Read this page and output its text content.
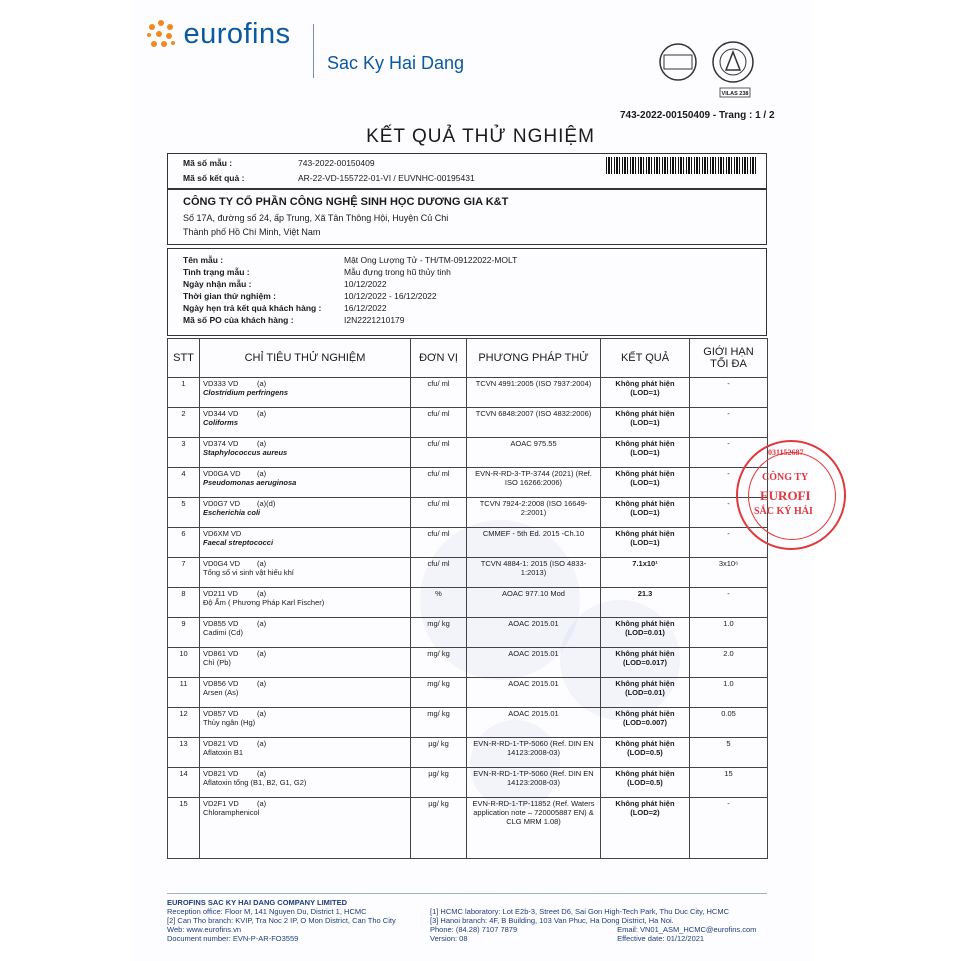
eurofins
Sac Ky Hai Dang
VILAS 238
743-2022-00150409 - Trang : 1 / 2
KẾT QUẢ THỬ NGHIỆM
Mã số mẫu :	743-2022-00150409
Mã số kết quả :	AR-22-VD-155722-01-VI / EUVNHC-00195431
CÔNG TY CỔ PHẦN CÔNG NGHỆ SINH HỌC DƯƠNG GIA K&T
Số 17A, đường số 24, ấp Trung, Xã Tân Thông Hội, Huyện Củ Chi
Thành phố Hồ Chí Minh, Việt Nam
Tên mẫu :	Mật Ong Lượng Tử - TH/TM-09122022-MOLT
Tình trạng mẫu :	Mẫu đựng trong hũ thủy tinh
Ngày nhận mẫu :	10/12/2022
Thời gian thử nghiệm :	10/12/2022 - 16/12/2022
Ngày hẹn trả kết quả khách hàng :	16/12/2022
Mã số PO của khách hàng :	I2N2221210179
STT	CHỈ TIÊU THỬ NGHIỆM	ĐƠN VỊ	PHƯƠNG PHÁP THỬ	KẾT QUẢ	GIỚI HẠN TỐI ĐA
1	VD333 VD (a)Clostridium perfringens	cfu/ ml	TCVN 4991:2005 (ISO 7937:2004)	Không phát hiện (LOD=1)	-
2	VD344 VD (a)Coliforms	cfu/ ml	TCVN 6848:2007 (ISO 4832:2006)	Không phát hiện (LOD=1)	-
3	VD374 VD (a)Staphylococcus aureus	cfu/ ml	AOAC 975.55	Không phát hiện (LOD=1)	-
4	VD0GA VD (a)Pseudomonas aeruginosa	cfu/ ml	EVN-R-RD-3-TP-3744 (2021) (Ref. ISO 16266:2006)	Không phát hiện (LOD=1)	-
5	VD0G7 VD (a)(d)Escherichia coli	cfu/ ml	TCVN 7924-2:2008 (ISO 16649-2:2001)	Không phát hiện (LOD=1)	-
6	VD6XM VDFaecal streptococci	cfu/ ml	CMMEF - 5th Ed. 2015 -Ch.10	Không phát hiện (LOD=1)	-
7	VD0G4 VD (a)Tổng số vi sinh vật hiếu khí	cfu/ ml	TCVN 4884-1: 2015 (ISO 4833-1:2013)	7.1x10¹	3x10⁶
8	VD211 VD (a)Độ Ẩm ( Phương Pháp Karl Fischer)	%	AOAC 977.10 Mod	21.3	-
9	VD855 VD (a)Cadimi (Cd)	mg/ kg	AOAC 2015.01	Không phát hiện (LOD=0.01)	1.0
10	VD861 VD (a)Chì (Pb)	mg/ kg	AOAC 2015.01	Không phát hiện (LOD=0.017)	2.0
11	VD856 VD (a)Arsen (As)	mg/ kg	AOAC 2015.01	Không phát hiện (LOD=0.01)	1.0
12	VD857 VD (a)Thủy ngân (Hg)	mg/ kg	AOAC 2015.01	Không phát hiện (LOD=0.007)	0.05
13	VD821 VD (a)Aflatoxin B1	µg/ kg	EVN-R-RD-1-TP-5060 (Ref. DIN EN 14123:2008-03)	Không phát hiện (LOD=0.5)	5
14	VD821 VD (a)Aflatoxin tổng (B1, B2, G1, G2)	µg/ kg	EVN-R-RD-1-TP-5060 (Ref. DIN EN 14123:2008-03)	Không phát hiện (LOD=0.5)	15
15	VD2F1 VD (a)Chloramphenicol	µg/ kg	EVN-R-RD-1-TP-11852 (Ref. Waters application note – 720005887 EN) & CLG MRM 1.08)	Không phát hiện (LOD=2)	-
031152687
CÔNG TY
EUROFI
SẮC KÝ HẢI
EUROFINS SAC KY HAI DANG COMPANY LIMITED
Reception office: Floor M, 141 Nguyen Du, District 1, HCMC
[2] Can Tho branch: KVIP, Tra Noc 2 IP, O Mon District, Can Tho City
Web: www.eurofins.vn
Document number: EVN-P-AR-FO3559
[1] HCMC laboratory: Lot E2b-3, Street D6, Sai Gon High-Tech Park, Thu Duc City, HCMC
[3] Hanoi branch: 4F, B Building, 103 Van Phuc, Ha Dong District, Ha Noi.
Phone: (84.28) 7107 7879	Email: VN01_ASM_HCMC@eurofins.com
Version: 08	Effective date: 01/12/2021
